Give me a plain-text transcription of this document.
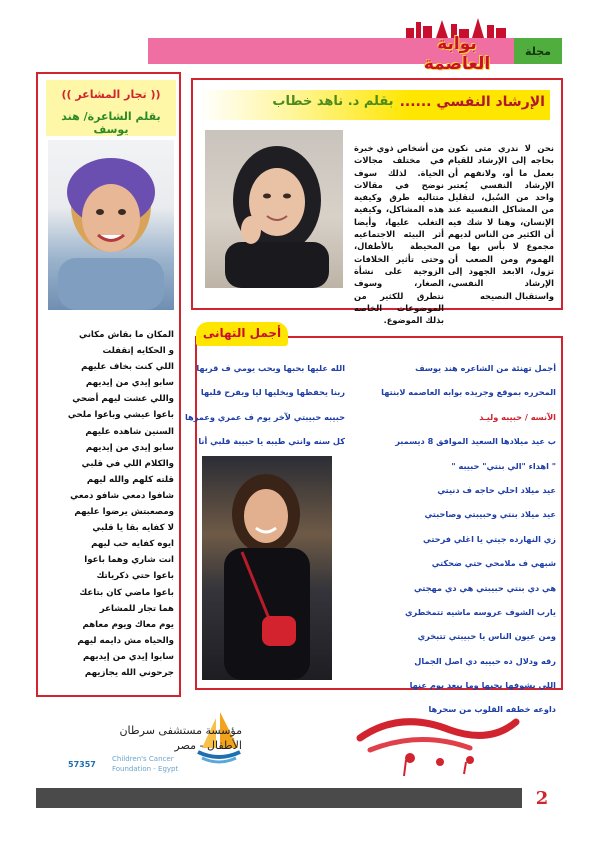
مجلة
بوابة العاصمة
(( تجار المشاعر ))
بقلم الشاعرة/ هند يوسف
المكان ما بقاش مكاني
و الحكايه إتقفلت
اللي كنت بخاف عليهم
سابو إيدي من إيديهم
واللي عشت ليهم أضحي
باعوا عيشي وباعوا ملحي
السنين شاهده عليهم
سابو إيدي من إيديهم
والكلام اللي في قلبي
قلته كلهم والله ليهم
شافوا دمعي شافو دمعي
ومصعبتش يرضوا عليهم
لا كفايه بقا يا قلبي
ايوه كفايه حب ليهم
انت شاري وهما باعوا
باعوا حتي ذكرياتك
باعوا ماضي كان بتاعك
هما تجار للمشاعر
يوم معاك ويوم معاهم
والحياه مش دايمه ليهم
سابوا إيدي من إيديهم
جرحوني الله يجازيهم
الإرشاد النفسي ......
بقلم د. ناهد خطاب
نحن لا ندري متى نكون بحاجه إلى الإرشاد للقيام بعمل ما أو، ولانفهم أن الإرشاد النفسي يُعتبر واحد من السُبل، لتقليل من المشاكل النفسية عند الإنسان، وهنا لا شك فيه أن الكثير من الناس لديهم مجموع لا بأس بها من الهموم ومن الصعب أن تزول، الابعد الجهود إلى الإرشاد النفسي، واستقبال النصيحه
من أشخاص ذوي خبرة في مختلف مجالات الحياة. لذلك سوف نوضح في مقالات متتاليه طرق وكيفية هذه المشاكل، وكيفية التغلب عليها، وأيضا أثر البيئه الاجتماعيه المحيطة بالأطفال، وحتى تأثير الخلافات الزوجية على نشأة الصغار، وسوف نتطرق للكثير من الموضوعات الخاصه بذلك الموضوع.
أجمل التهانى
أجمل تهنئة من الشاعره هند يوسف
المحرره بموقع وجريده بوابه العاصمه لابنتها
الآنسه / حبيبه وليـد
ب عيد ميلادها السعيد الموافق 8 ديسمبر
" اهداء "الي بنتي" حبيبه "
عيد ميلاد احلي حاجه ف دنيتي
عيد ميلاد بنتي وحبيبتي وصاحبتي
زي النهارده جيتي يا اغلي فرحتي
شبهي ف ملامحي حتي ضحكتي
هي دي بنتي حبيبتي هي دي مهجتي
يارب الشوف عروسه ماشيه تتمخطري
ومن عيون الناس يا حبيبتي تتبخري
رقه ودلال ده حبيبه دي اصل الجمال
اللي يشوفها يحبها وما يبعد يوم عنها
داوعه خطفه القلوب من سحرها
الله عليها بحبها وبحب يومي ف قربها
ربنا يحفظها ويخليها ليا ويفرح قلبها
حبيبه حبيبتي لآخر يوم ف عمري وعمرها
كل سنه وانتي طيبه يا حبيبة قلبي أنا
مؤسسة مستشفى سرطان
الأطفال - مصر
Children's Cancer
Foundation - Egypt
57357
2
